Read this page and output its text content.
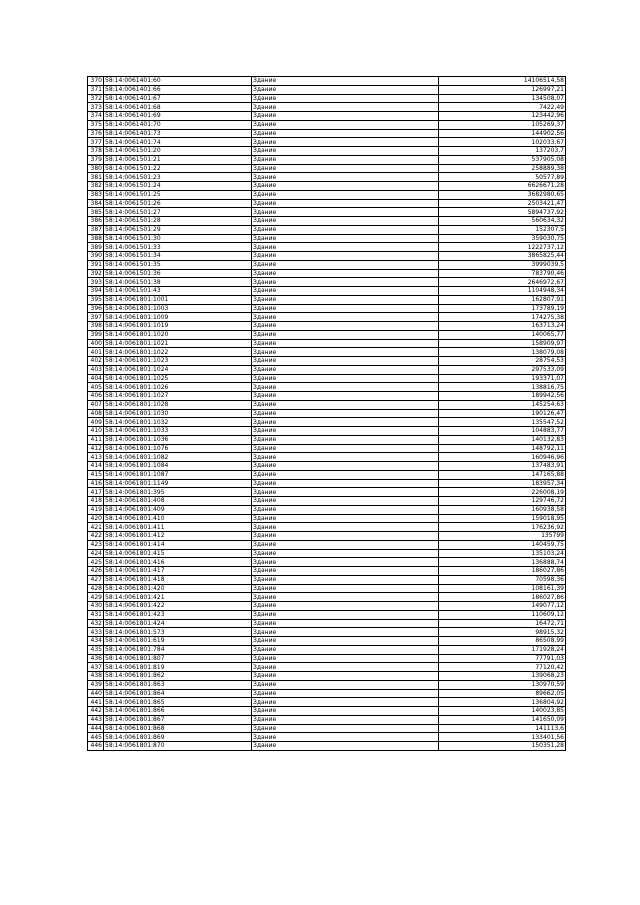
370	58:14:0061401:60	Здание	14106514,58
371	58:14:0061401:66	Здание	126997,21
372	58:14:0061401:67	Здание	134508,07
373	58:14:0061401:68	Здание	7422,49
374	58:14:0061401:69	Здание	123442,96
375	58:14:0061401:70	Здание	105269,37
376	58:14:0061401:73	Здание	144902,56
377	58:14:0061401:74	Здание	102033,67
378	58:14:0061501:20	Здание	137203,7
379	58:14:0061501:21	Здание	537905,08
380	58:14:0061501:22	Здание	258889,38
381	58:14:0061501:23	Здание	50577,89
382	58:14:0061501:24	Здание	6626671,28
383	58:14:0061501:25	Здание	3682980,65
384	58:14:0061501:26	Здание	2503421,47
385	58:14:0061501:27	Здание	5894737,92
386	58:14:0061501:28	Здание	560634,32
387	58:14:0061501:29	Здание	152307,5
388	58:14:0061501:30	Здание	359030,75
389	58:14:0061501:33	Здание	1222737,12
390	58:14:0061501:34	Здание	3865825,44
391	58:14:0061501:35	Здание	3999039,5
392	58:14:0061501:36	Здание	783790,46
393	58:14:0061501:38	Здание	2646972,67
394	58:14:0061501:43	Здание	1104948,34
395	58:14:0061801:1001	Здание	162807,91
396	58:14:0061801:1003	Здание	173789,19
397	58:14:0061801:1009	Здание	174275,38
398	58:14:0061801:1019	Здание	163713,24
399	58:14:0061801:1020	Здание	140065,77
400	58:14:0061801:1021	Здание	158909,97
401	58:14:0061801:1022	Здание	138079,08
402	58:14:0061801:1023	Здание	28754,53
403	58:14:0061801:1024	Здание	297533,09
404	58:14:0061801:1025	Здание	193371,07
405	58:14:0061801:1026	Здание	138816,75
406	58:14:0061801:1027	Здание	189942,56
407	58:14:0061801:1028	Здание	145254,63
408	58:14:0061801:1030	Здание	190126,47
409	58:14:0061801:1032	Здание	135547,52
410	58:14:0061801:1033	Здание	104883,77
411	58:14:0061801:1036	Здание	140132,83
412	58:14:0061801:1076	Здание	148792,11
413	58:14:0061801:1082	Здание	160946,96
414	58:14:0061801:1084	Здание	137483,91
415	58:14:0061801:1087	Здание	147165,88
416	58:14:0061801:1149	Здание	183957,34
417	58:14:0061801:395	Здание	226008,19
418	58:14:0061801:408	Здание	129746,72
419	58:14:0061801:409	Здание	160938,58
420	58:14:0061801:410	Здание	159018,95
421	58:14:0061801:411	Здание	176236,92
422	58:14:0061801:412	Здание	135799
423	58:14:0061801:414	Здание	140459,75
424	58:14:0061801:415	Здание	135103,24
425	58:14:0061801:416	Здание	136888,74
426	58:14:0061801:417	Здание	186027,86
427	58:14:0061801:418	Здание	70598,36
428	58:14:0061801:420	Здание	108161,39
429	58:14:0061801:421	Здание	186027,86
430	58:14:0061801:422	Здание	149077,12
431	58:14:0061801:423	Здание	110609,12
432	58:14:0061801:424	Здание	16472,71
433	58:14:0061801:573	Здание	98915,32
434	58:14:0061801:619	Здание	86508,99
435	58:14:0061801:784	Здание	171928,24
436	58:14:0061801:807	Здание	77791,03
437	58:14:0061801:819	Здание	77120,42
438	58:14:0061801:862	Здание	139068,23
439	58:14:0061801:863	Здание	130970,59
440	58:14:0061801:864	Здание	89662,05
441	58:14:0061801:865	Здание	136804,92
442	58:14:0061801:866	Здание	140023,85
443	58:14:0061801:867	Здание	141650,09
444	58:14:0061801:868	Здание	141113,6
445	58:14:0061801:869	Здание	133401,56
446	58:14:0061801:870	Здание	150351,28
